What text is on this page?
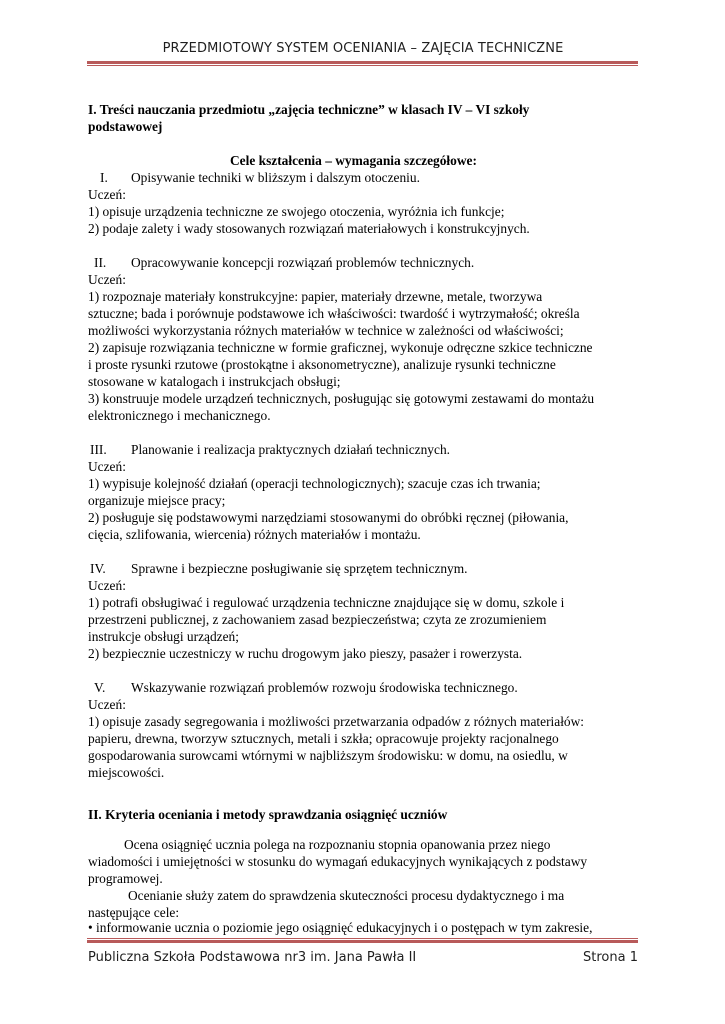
PRZEDMIOTOWY SYSTEM OCENIANIA – ZAJĘCIA TECHNICZNE
I. Treści nauczania przedmiotu „zajęcia techniczne” w klasach IV – VI szkoły
podstawowej
Cele kształcenia – wymagania szczegółowe:
I. Opisywanie techniki w bliższym i dalszym otoczeniu.
Uczeń:
1) opisuje urządzenia techniczne ze swojego otoczenia, wyróżnia ich funkcje;
2) podaje zalety i wady stosowanych rozwiązań materiałowych i konstrukcyjnych.
II. Opracowywanie koncepcji rozwiązań problemów technicznych.
Uczeń:
1) rozpoznaje materiały konstrukcyjne: papier, materiały drzewne, metale, tworzywa
sztuczne; bada i porównuje podstawowe ich właściwości: twardość i wytrzymałość; określa
możliwości wykorzystania różnych materiałów w technice w zależności od właściwości;
2) zapisuje rozwiązania techniczne w formie graficznej, wykonuje odręczne szkice techniczne
i proste rysunki rzutowe (prostokątne i aksonometryczne), analizuje rysunki techniczne
stosowane w katalogach i instrukcjach obsługi;
3) konstruuje modele urządzeń technicznych, posługując się gotowymi zestawami do montażu
elektronicznego i mechanicznego.
III. Planowanie i realizacja praktycznych działań technicznych.
Uczeń:
1) wypisuje kolejność działań (operacji technologicznych); szacuje czas ich trwania;
organizuje miejsce pracy;
2) posługuje się podstawowymi narzędziami stosowanymi do obróbki ręcznej (piłowania,
cięcia, szlifowania, wiercenia) różnych materiałów i montażu.
IV. Sprawne i bezpieczne posługiwanie się sprzętem technicznym.
Uczeń:
1) potrafi obsługiwać i regulować urządzenia techniczne znajdujące się w domu, szkole i
przestrzeni publicznej, z zachowaniem zasad bezpieczeństwa; czyta ze zrozumieniem
instrukcje obsługi urządzeń;
2) bezpiecznie uczestniczy w ruchu drogowym jako pieszy, pasażer i rowerzysta.
V. Wskazywanie rozwiązań problemów rozwoju środowiska technicznego.
Uczeń:
1) opisuje zasady segregowania i możliwości przetwarzania odpadów z różnych materiałów:
papieru, drewna, tworzyw sztucznych, metali i szkła; opracowuje projekty racjonalnego
gospodarowania surowcami wtórnymi w najbliższym środowisku: w domu, na osiedlu, w
miejscowości.
II. Kryteria oceniania i metody sprawdzania osiągnięć uczniów
Ocena osiągnięć ucznia polega na rozpoznaniu stopnia opanowania przez niego
wiadomości i umiejętności w stosunku do wymagań edukacyjnych wynikających z podstawy
programowej.
Ocenianie służy zatem do sprawdzenia skuteczności procesu dydaktycznego i ma
następujące cele:
• informowanie ucznia o poziomie jego osiągnięć edukacyjnych i o postępach w tym zakresie,
Publiczna Szkoła Podstawowa nr3 im. Jana Pawła II	Strona 1
